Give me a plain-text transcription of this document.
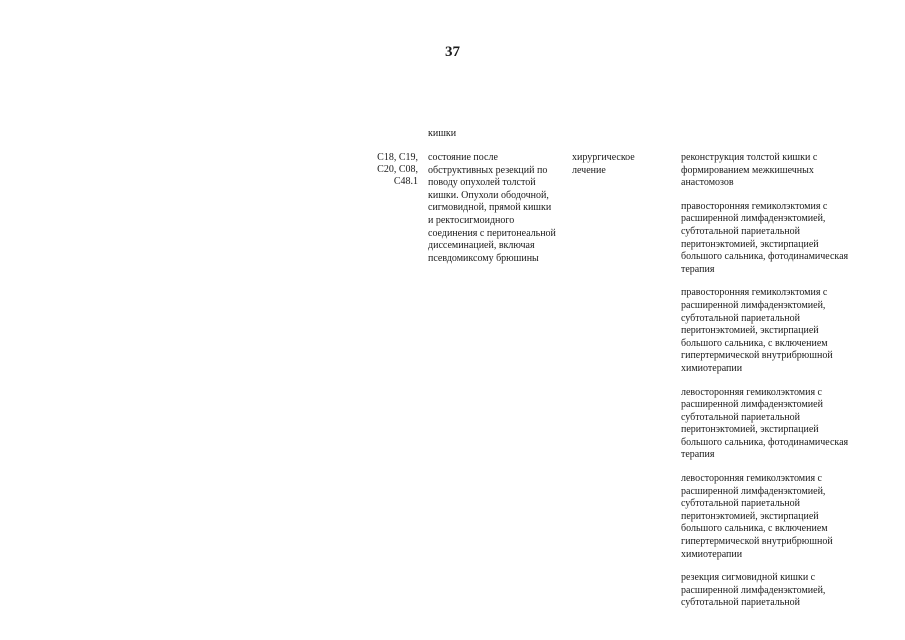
37
кишки
C18, C19,
C20, C08,
C48.1
состояние после
обструктивных резекций по
поводу опухолей толстой
кишки. Опухоли ободочной,
сигмовидной, прямой кишки
и ректосигмоидного
соединения с перитонеальной
диссеминацией, включая
псевдомиксому брюшины
хирургическое
лечение
реконструкция толстой кишки с
формированием межкишечных
анастомозов
правосторонняя гемиколэктомия с
расширенной лимфаденэктомией,
субтотальной париетальной
перитонэктомией, экстирпацией
большого сальника, фотодинамическая
терапия
правосторонняя гемиколэктомия с
расширенной лимфаденэктомией,
субтотальной париетальной
перитонэктомией, экстирпацией
большого сальника, с включением
гипертермической внутрибрюшной
химиотерапии
левосторонняя гемиколэктомия с
расширенной лимфаденэктомией
субтотальной париетальной
перитонэктомией, экстирпацией
большого сальника, фотодинамическая
терапия
левосторонняя гемиколэктомия с
расширенной лимфаденэктомией,
субтотальной париетальной
перитонэктомией, экстирпацией
большого сальника, с включением
гипертермической внутрибрюшной
химиотерапии
резекция сигмовидной кишки с
расширенной лимфаденэктомией,
субтотальной париетальной
